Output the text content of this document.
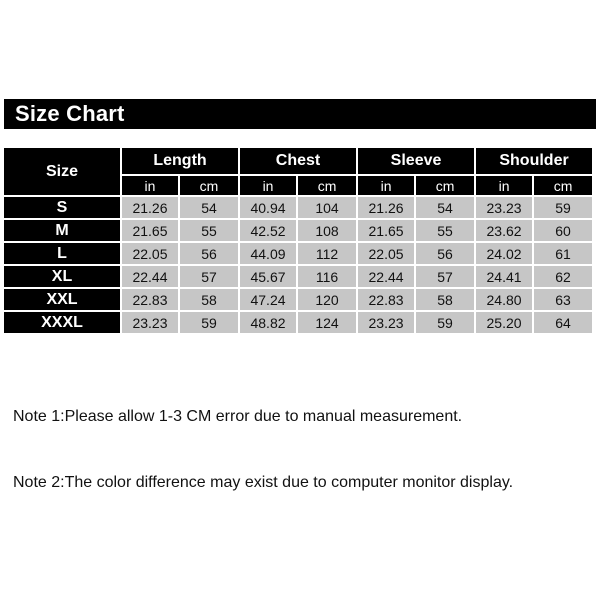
Size Chart
Size	Length		Chest		Sleeve		Shoulder	
	in	cm	in	cm	in	cm	in	cm
S	21.26	54	40.94	104	21.26	54	23.23	59
M	21.65	55	42.52	108	21.65	55	23.62	60
L	22.05	56	44.09	112	22.05	56	24.02	61
XL	22.44	57	45.67	116	22.44	57	24.41	62
XXL	22.83	58	47.24	120	22.83	58	24.80	63
XXXL	23.23	59	48.82	124	23.23	59	25.20	64
Note 1:Please allow 1-3 CM error due to manual measurement.
Note 2:The color difference may exist due to computer monitor display.
